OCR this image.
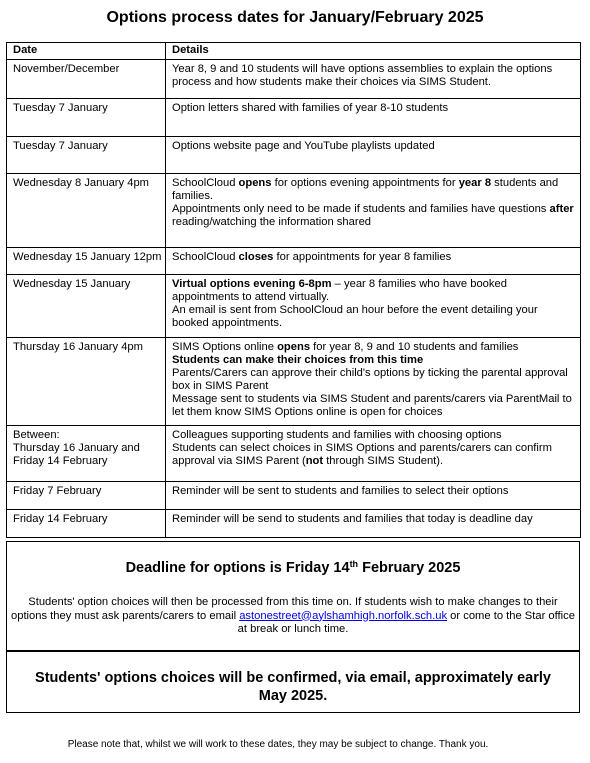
Options process dates for January/February 2025
Date	Details

November/December	Year 8, 9 and 10 students will have options assemblies to explain the options process and how students make their choices via SIMS Student.

Tuesday 7 January	Option letters shared with families of year 8-10 students

Tuesday 7 January	Options website page and YouTube playlists updated

Wednesday 8 January 4pm	SchoolCloud opens for options evening appointments for year 8 students and families.
Appointments only need to be made if students and families have questions after reading/watching the information shared

Wednesday 15 January 12pm	SchoolCloud closes for appointments for year 8 families

Wednesday 15 January	Virtual options evening 6-8pm – year 8 families who have booked appointments to attend virtually.
An email is sent from SchoolCloud an hour before the event detailing your booked appointments.

Thursday 16 January 4pm	SIMS Options online opens for year 8, 9 and 10 students and families
Students can make their choices from this time
Parents/Carers can approve their child's options by ticking the parental approval box in SIMS Parent
Message sent to students via SIMS Student and parents/carers via ParentMail to let them know SIMS Options online is open for choices

Between:
Thursday 16 January and Friday 14 February	Colleagues supporting students and families with choosing options
Students can select choices in SIMS Options and parents/carers can confirm approval via SIMS Parent (not through SIMS Student).

Friday 7 February	Reminder will be sent to students and families to select their options

Friday 14 February	Reminder will be send to students and families that today is deadline day
Deadline for options is Friday 14th February 2025
Students' option choices will then be processed from this time on. If students wish to make changes to their options they must ask parents/carers to email astonestreet@aylshamhigh.norfolk.sch.uk or come to the Star office at break or lunch time.
Students' options choices will be confirmed, via email, approximately early May 2025.
Please note that, whilst we will work to these dates, they may be subject to change. Thank you.
